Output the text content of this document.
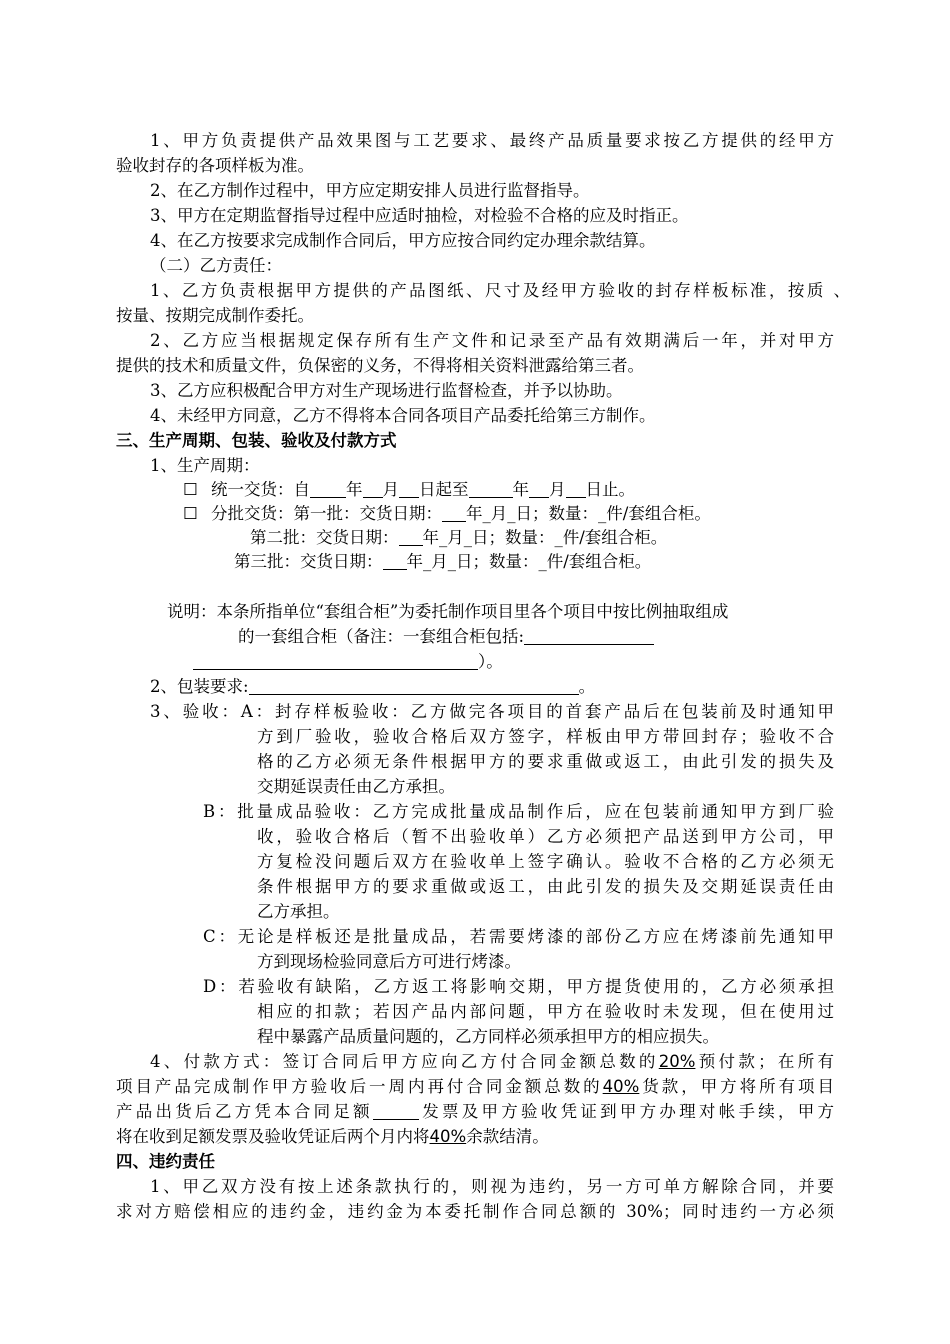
1、甲方负责提供产品效果图与工艺要求、最终产品质量要求按乙方提供的经甲方
验收封存的各项样板为准。
2、在乙方制作过程中，甲方应定期安排人员进行监督指导。
3、甲方在定期监督指导过程中应适时抽检，对检验不合格的应及时指正。
4、在乙方按要求完成制作合同后，甲方应按合同约定办理余款结算。
（二）乙方责任：
1、乙方负责根据甲方提供的产品图纸、尺寸及经甲方验收的封存样板标准，按质 、
按量、按期完成制作委托。
2、乙方应当根据规定保存所有生产文件和记录至产品有效期满后一年，并对甲方
提供的技术和质量文件，负保密的义务，不得将相关资料泄露给第三者。
3、乙方应积极配合甲方对生产现场进行监督检查，并予以协助。
4、未经甲方同意，乙方不得将本合同各项目产品委托给第三方制作。
三、生产周期、包装、验收及付款方式
1、生产周期：
☐ 统一交货：自 年 月 日起至	年 月 日止。
☐ 分批交货：第一批：交货日期： 年_月_日；数量：_件/套组合柜。
第二批：交货日期： 年_月_日；数量：_件/套组合柜。
第三批：交货日期： 年_月_日；数量：_件/套组合柜。
说明：本条所指单位“套组合柜”为委托制作项目里各个项目中按比例抽取组成
的一套组合柜（备注：一套组合柜包括:
）。
2、包装要求:	。
3、验收：A：封存样板验收：乙方做完各项目的首套产品后在包装前及时通知甲
方到厂验收，验收合格后双方签字，样板由甲方带回封存；验收不合
格的乙方必须无条件根据甲方的要求重做或返工，由此引发的损失及
交期延误责任由乙方承担。
B：批量成品验收：乙方完成批量成品制作后，应在包装前通知甲方到厂验
收，验收合格后（暂不出验收单）乙方必须把产品送到甲方公司，甲
方复检没问题后双方在验收单上签字确认。验收不合格的乙方必须无
条件根据甲方的要求重做或返工，由此引发的损失及交期延误责任由
乙方承担。
C：无论是样板还是批量成品，若需要烤漆的部份乙方应在烤漆前先通知甲
方到现场检验同意后方可进行烤漆。
D：若验收有缺陷，乙方返工将影响交期，甲方提货使用的，乙方必须承担
相应的扣款；若因产品内部问题，甲方在验收时未发现，但在使用过
程中暴露产品质量问题的，乙方同样必须承担甲方的相应损失。
4、付款方式：签订合同后甲方应向乙方付合同金额总数的20%预付款；在所有
项目产品完成制作甲方验收后一周内再付合同金额总数的40%货款，甲方将所有项目
产品出货后乙方凭本合同足额	发票及甲方验收凭证到甲方办理对帐手续，甲方
将在收到足额发票及验收凭证后两个月内将40%余款结清。
四、违约责任
1、甲乙双方没有按上述条款执行的，则视为违约，另一方可单方解除合同，并要
求对方赔偿相应的违约金，违约金为本委托制作合同总额的 30%；同时违约一方必须
